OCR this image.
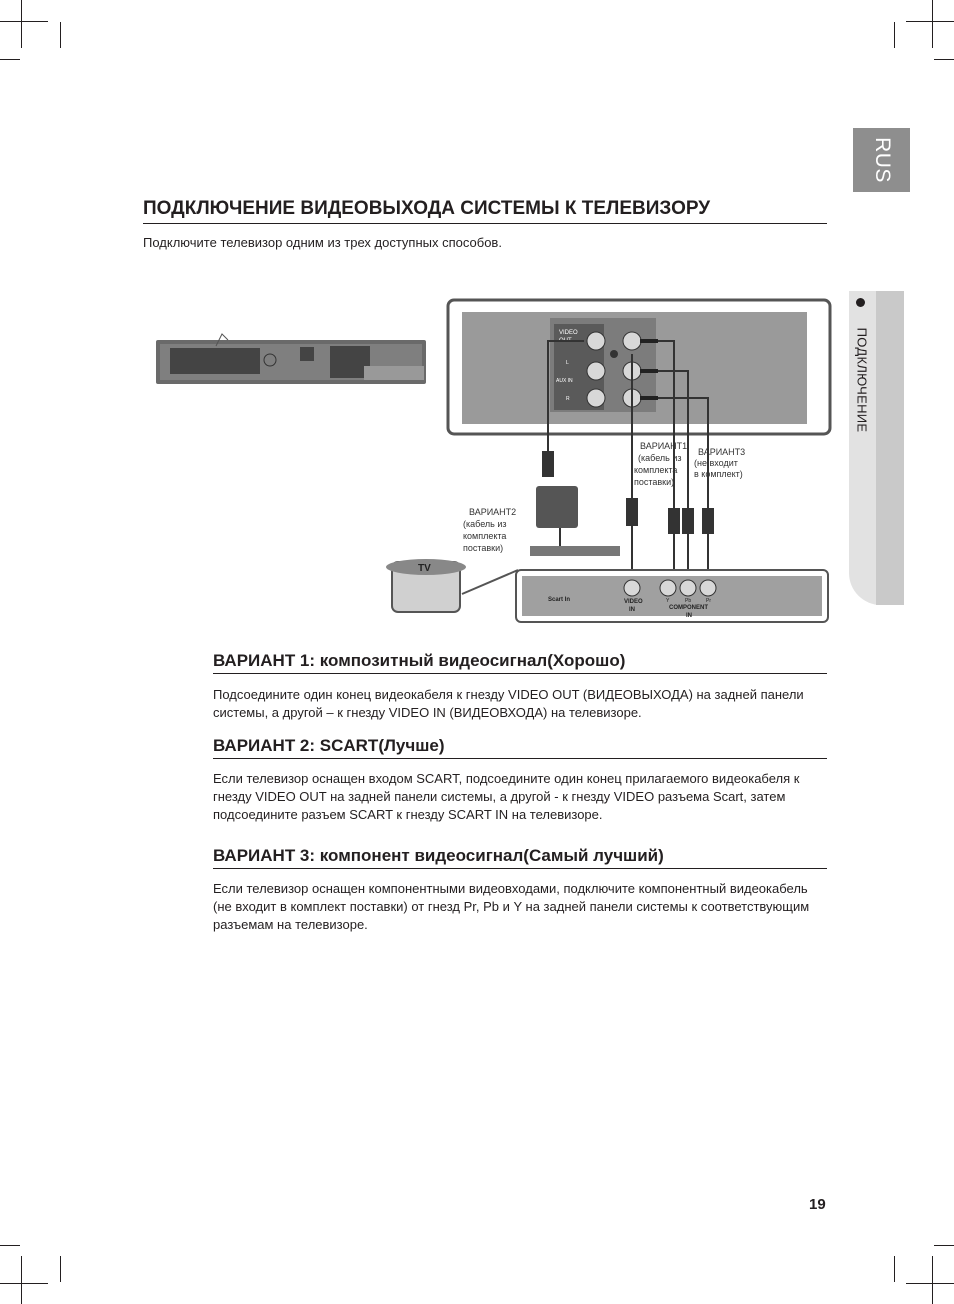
RUS
ПОДКЛЮЧЕНИЕ
ПОДКЛЮЧЕНИЕ ВИДЕОВЫХОДА СИСТЕМЫ К ТЕЛЕВИЗОРУ
Подключите телевизор одним из трех доступных способов.
VIDEO
OUT
L
AUX IN
R
ВАРИАНТ1 (кабель из комплекта поставки)
ВАРИАНТ3 (не входит в комплект)
ВАРИАНТ2 (кабель из комплекта поставки)
TV
Scart In	Y	Pb	Pr
VIDEO IN	COMPONENT IN
ВАРИАНТ 1: композитный видеосигнал(Хорошо)

Подсоедините один конец видеокабеля к гнезду VIDEO OUT (ВИДЕОВЫХОДА) на задней панели системы, а другой – к гнезду VIDEO IN (ВИДЕОВХОДА) на телевизоре.

ВАРИАНТ 2: SCART(Лучше)

Если телевизор оснащен входом SCART, подсоедините один конец прилагаемого видеокабеля к гнезду VIDEO OUT на задней панели системы, а другой - к гнезду VIDEO разъема Scart, затем подсоедините разъем SCART к гнезду SCART IN на телевизоре.

ВАРИАНТ 3: компонент видеосигнал(Самый лучший)

Если телевизор оснащен компонентными видеовходами, подключите компонентный видеокабель (не входит в комплект поставки) от гнезд Pr, Pb и Y на задней панели системы к соответствующим разъемам на телевизоре.

19
